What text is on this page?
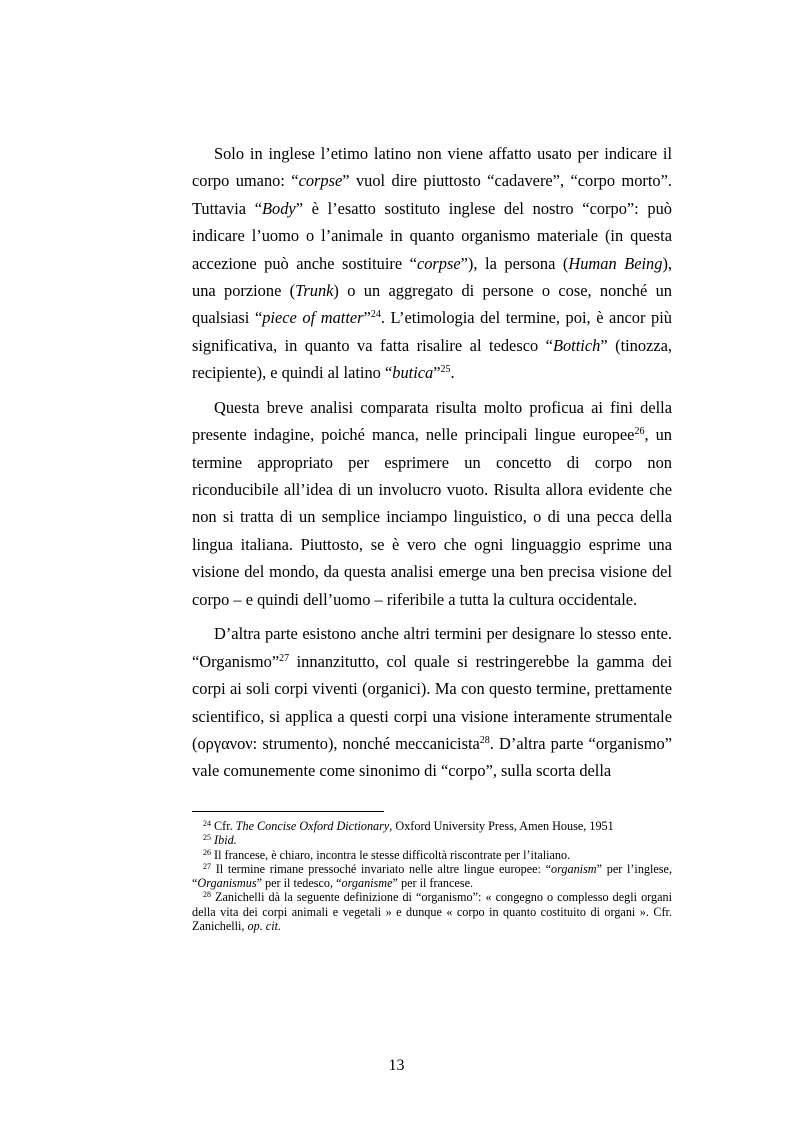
Solo in inglese l’etimo latino non viene affatto usato per indicare il corpo umano: “corpse” vuol dire piuttosto “cadavere”, “corpo morto”. Tuttavia “Body” è l’esatto sostituto inglese del nostro “corpo”: può indicare l’uomo o l’animale in quanto organismo materiale (in questa accezione può anche sostituire “corpse”), la persona (Human Being), una porzione (Trunk) o un aggregato di persone o cose, nonché un qualsiasi “piece of matter”$^{24}$. L’etimologia del termine, poi, è ancor più significativa, in quanto va fatta risalire al tedesco “Bottich” (tinozza, recipiente), e quindi al latino “butica”$^{25}$.

Questa breve analisi comparata risulta molto proficua ai fini della presente indagine, poiché manca, nelle principali lingue europee$^{26}$, un termine appropriato per esprimere un concetto di corpo non riconducibile all’idea di un involucro vuoto. Risulta allora evidente che non si tratta di un semplice inciampo linguistico, o di una pecca della lingua italiana. Piuttosto, se è vero che ogni linguaggio esprime una visione del mondo, da questa analisi emerge una ben precisa visione del corpo – e quindi dell’uomo – riferibile a tutta la cultura occidentale.

D’altra parte esistono anche altri termini per designare lo stesso ente. “Organismo”$^{27}$ innanzitutto, col quale si restringerebbe la gamma dei corpi ai soli corpi viventi (organici). Ma con questo termine, prettamente scientifico, si applica a questi corpi una visione interamente strumentale (οργανον: strumento), nonché meccanicista$^{28}$. D’altra parte “organismo” vale comunemente come sinonimo di “corpo”, sulla scorta della

$^{24}$ Cfr. The Concise Oxford Dictionary, Oxford University Press, Amen House, 1951

$^{25}$ Ibid.

$^{26}$ Il francese, è chiaro, incontra le stesse difficoltà riscontrate per l’italiano.

$^{27}$ Il termine rimane pressoché invariato nelle altre lingue europee: “organism” per l’inglese, “Organismus” per il tedesco, “organisme” per il francese.

$^{28}$ Zanichelli dà la seguente definizione di “organismo”: « congegno o complesso degli organi della vita dei corpi animali e vegetali » e dunque « corpo in quanto costituito di organi ». Cfr. Zanichelli, op. cit.

13
